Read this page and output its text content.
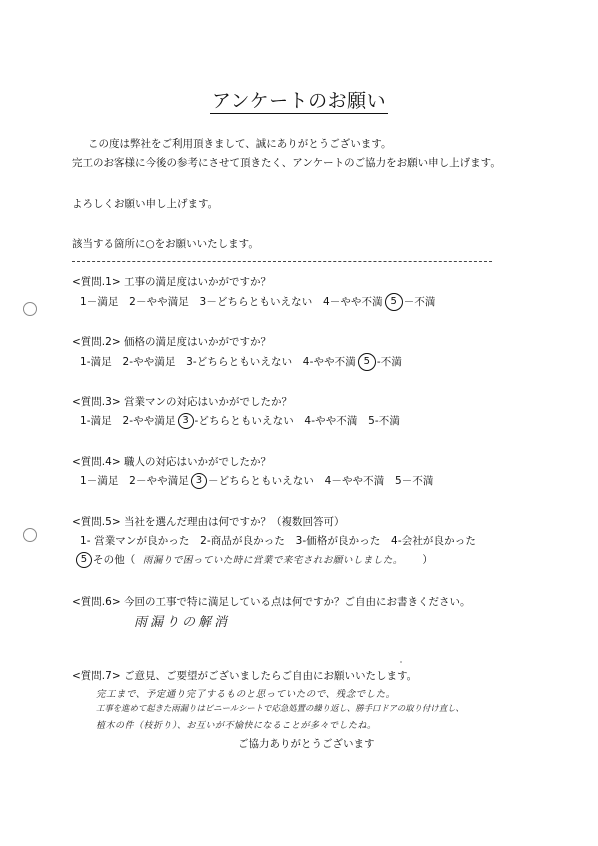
アンケートのお願い
この度は弊社をご利用頂きまして、誠にありがとうございます。
完工のお客様に今後の参考にさせて頂きたく、アンケートのご協力をお願い申し上げます。
よろしくお願い申し上げます。
該当する箇所に○をお願いいたします。
<質問.1> 工事の満足度はいかがですか？
1－満足　2－やや満足　3－どちらともいえない　4－やや不満 5 －不満
<質問.2> 価格の満足度はいかがですか？
1-満足　2-やや満足　3-どちらともいえない　4-やや不満 5 -不満
<質問.3> 営業マンの対応はいかがでしたか？
1-満足　2-やや満足 3 -どちらともいえない　4-やや不満　5-不満
<質問.4> 職人の対応はいかがでしたか？
1－満足　2－やや満足 3 －どちらともいえない　4－やや不満　5－不満
<質問.5> 当社を選んだ理由は何ですか？（複数回答可）
1- 営業マンが良かった　2-商品が良かった　3-価格が良かった　4-会社が良かった
5 その他（ 雨漏りで困っていた時に営業で来宅されお願いしました。 ）
<質問.6> 今回の工事で特に満足している点は何ですか？ご自由にお書きください。
雨漏りの解消
<質問.7> ご意見、ご要望がございましたらご自由にお願いいたします。
完工まで、予定通り完了するものと思っていたので、残念でした。
工事を進めて起きた雨漏りはビニールシートで応急処置の繰り返し、勝手口ドアの取り付け直し、
植木の件（枝折り）、お互いが不愉快になることが多々でしたね。
ご協力ありがとうございます
